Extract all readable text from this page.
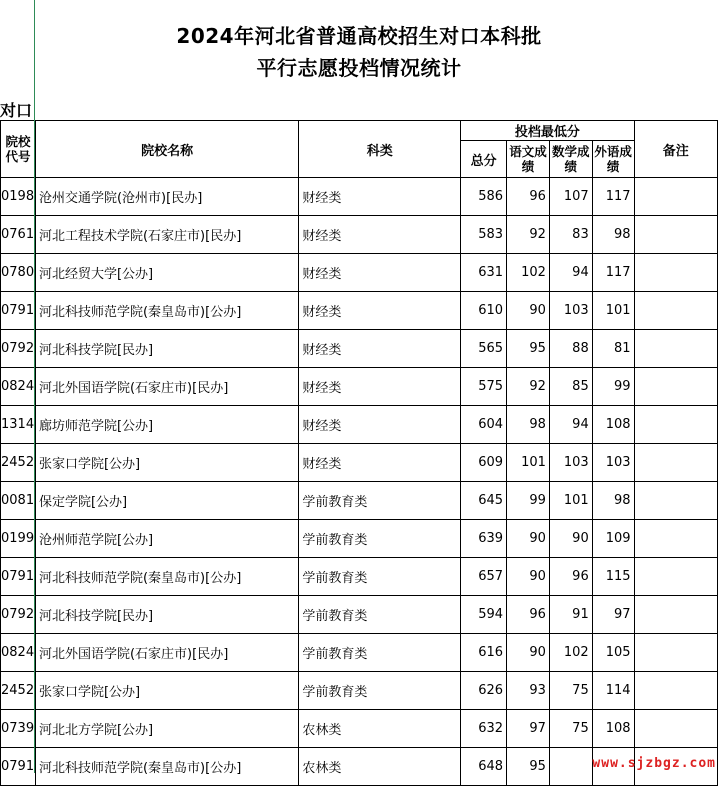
2024年河北省普通高校招生对口本科批
平行志愿投档情况统计
对口
院校代号	院校名称	科类	投档最低分				备注
			总分	语文成绩	数学成绩	外语成绩	
0198	沧州交通学院(沧州市)[民办]	财经类	586	96	107	117	
0761	河北工程技术学院(石家庄市)[民办]	财经类	583	92	83	98	
0780	河北经贸大学[公办]	财经类	631	102	94	117	
0791	河北科技师范学院(秦皇岛市)[公办]	财经类	610	90	103	101	
0792	河北科技学院[民办]	财经类	565	95	88	81	
0824	河北外国语学院(石家庄市)[民办]	财经类	575	92	85	99	
1314	廊坊师范学院[公办]	财经类	604	98	94	108	
2452	张家口学院[公办]	财经类	609	101	103	103	
0081	保定学院[公办]	学前教育类	645	99	101	98	
0199	沧州师范学院[公办]	学前教育类	639	90	90	109	
0791	河北科技师范学院(秦皇岛市)[公办]	学前教育类	657	90	96	115	
0792	河北科技学院[民办]	学前教育类	594	96	91	97	
0824	河北外国语学院(石家庄市)[民办]	学前教育类	616	90	102	105	
2452	张家口学院[公办]	学前教育类	626	93	75	114	
0739	河北北方学院[公办]	农林类	632	97	75	108	
0791	河北科技师范学院(秦皇岛市)[公办]	农林类	648	95				www.sjzbgz.com
